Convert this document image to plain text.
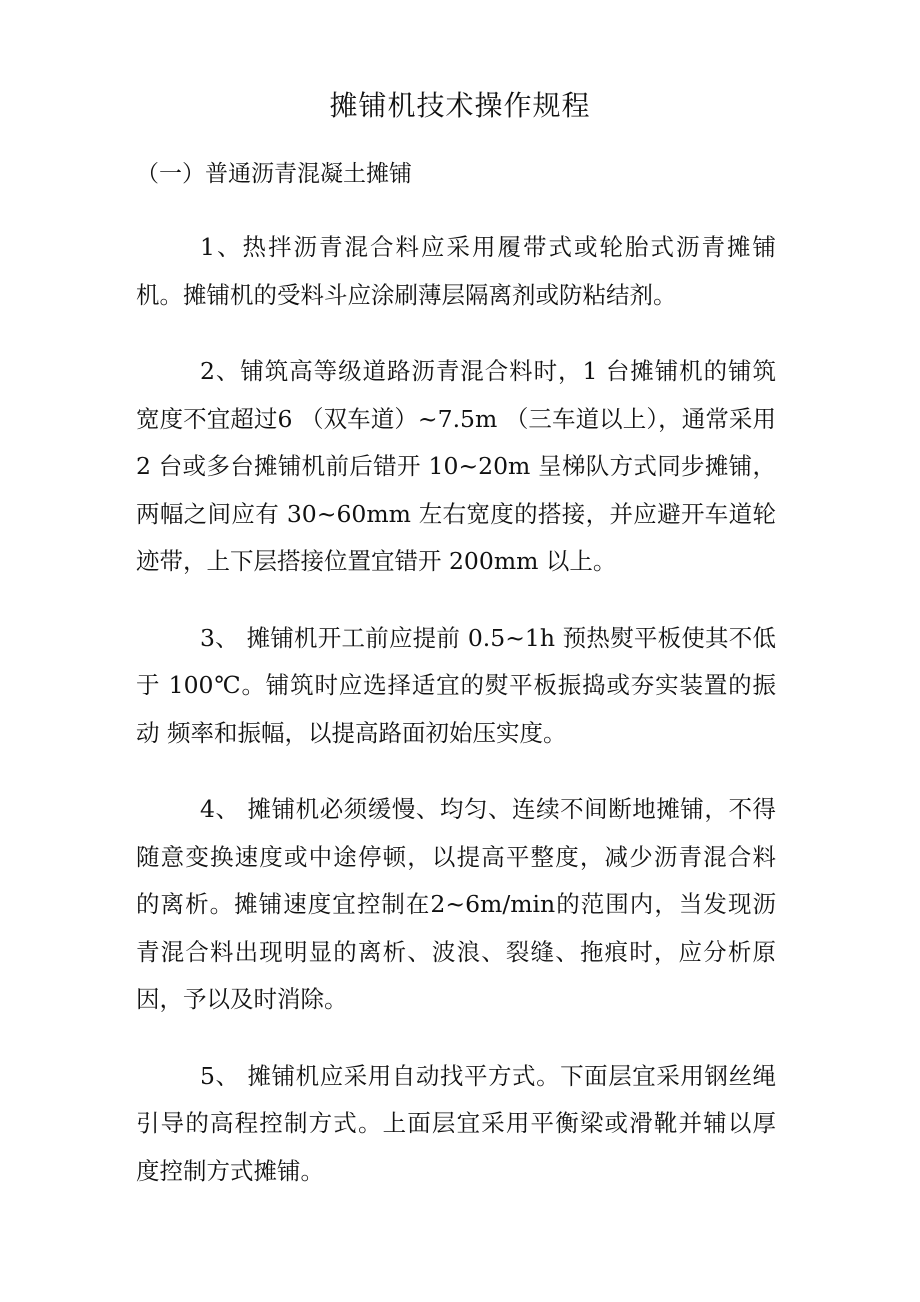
摊铺机技术操作规程
（一）普通沥青混凝土摊铺

1、热拌沥青混合料应采用履带式或轮胎式沥青摊铺机。摊铺机的受料斗应涂刷薄层隔离剂或防粘结剂。

2、铺筑高等级道路沥青混合料时，1 台摊铺机的铺筑宽度不宜超过6 （双车道）~7.5m （三车道以上），通常采用 2 台或多台摊铺机前后错开 10~20m 呈梯队方式同步摊铺， 两幅之间应有 30~60mm 左右宽度的搭接，并应避开车道轮 迹带，上下层搭接位置宜错开 200mm 以上。

3、 摊铺机开工前应提前 0.5~1h 预热熨平板使其不低于 100℃。铺筑时应选择适宜的熨平板振捣或夯实装置的振动 频率和振幅，以提高路面初始压实度。

4、 摊铺机必须缓慢、均匀、连续不间断地摊铺，不得 随意变换速度或中途停顿，以提高平整度，减少沥青混合料 的离析。摊铺速度宜控制在2~6m/min的范围内，当发现沥 青混合料出现明显的离析、波浪、裂缝、拖痕时，应分析原 因，予以及时消除。

5、 摊铺机应采用自动找平方式。下面层宜采用钢丝绳 引导的高程控制方式。上面层宜采用平衡梁或滑靴并辅以厚 度控制方式摊铺。
